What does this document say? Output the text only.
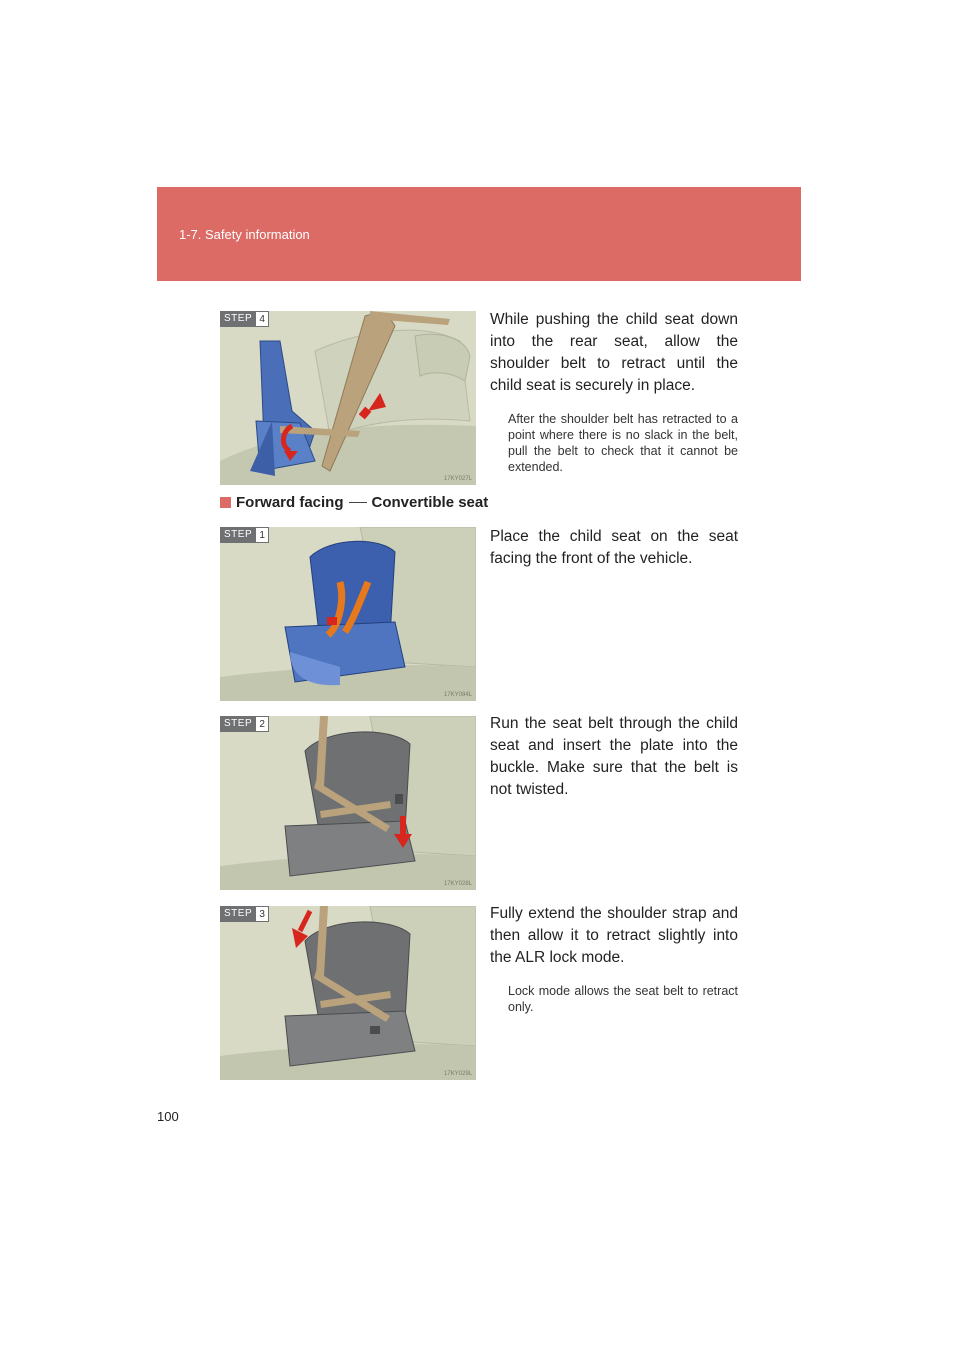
1-7. Safety information
STEP 4
17KY027L
While pushing the child seat down into the rear seat, allow the shoulder belt to retract until the child seat is securely in place.
After the shoulder belt has retracted to a point where there is no slack in the belt, pull the belt to check that it cannot be extended.
Forward facing Convertible seat
STEP 1
17KY084L
Place the child seat on the seat facing the front of the vehicle.
STEP 2
17KY028L
Run the seat belt through the child seat and insert the plate into the buckle. Make sure that the belt is not twisted.
STEP 3
17KY029L
Fully extend the shoulder strap and then allow it to retract slightly into the ALR lock mode.
Lock mode allows the seat belt to retract only.
100
